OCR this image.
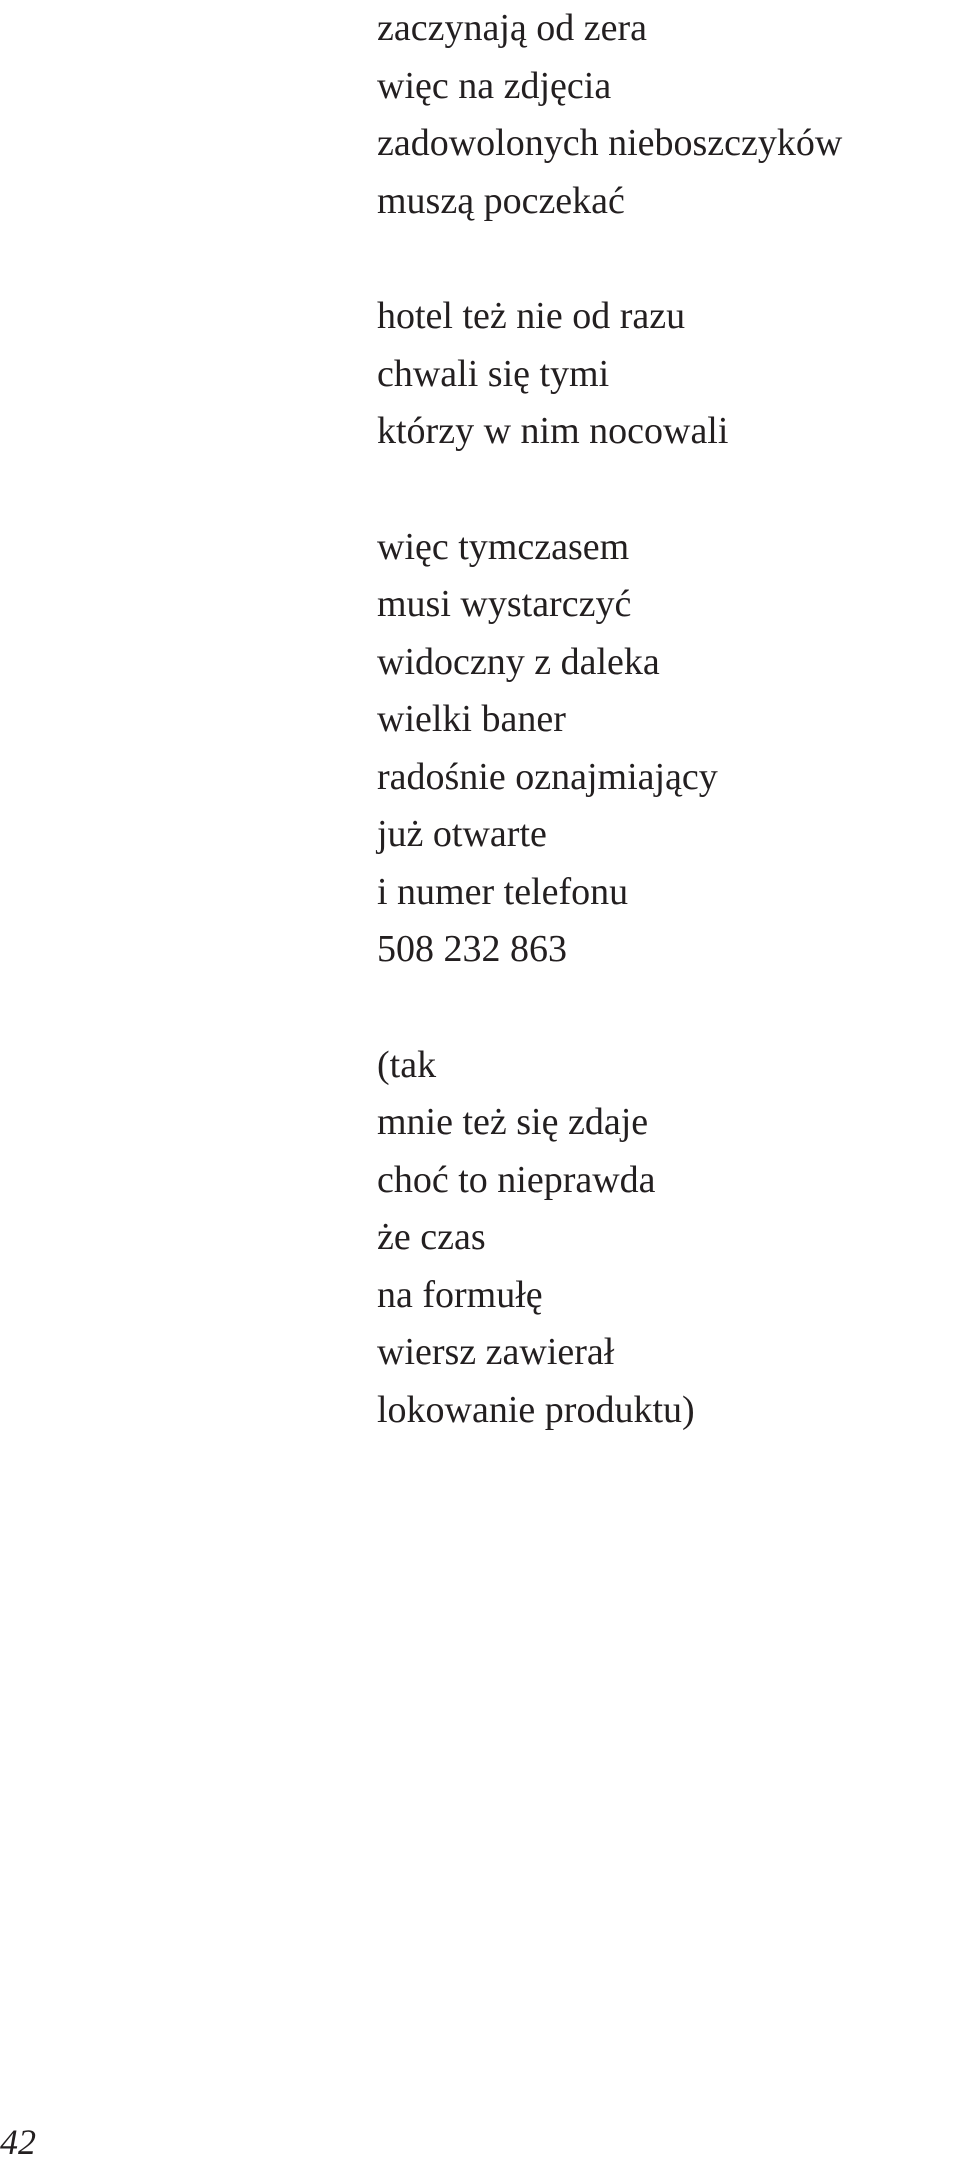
zaczynają od zera
więc na zdjęcia
zadowolonych nieboszczyków
muszą poczekać
hotel też nie od razu
chwali się tymi
którzy w nim nocowali
więc tymczasem
musi wystarczyć
widoczny z daleka
wielki baner
radośnie oznajmiający
już otwarte
i numer telefonu
508 232 863
(tak
mnie też się zdaje
choć to nieprawda
że czas
na formułę
wiersz zawierał
lokowanie produktu)
42
